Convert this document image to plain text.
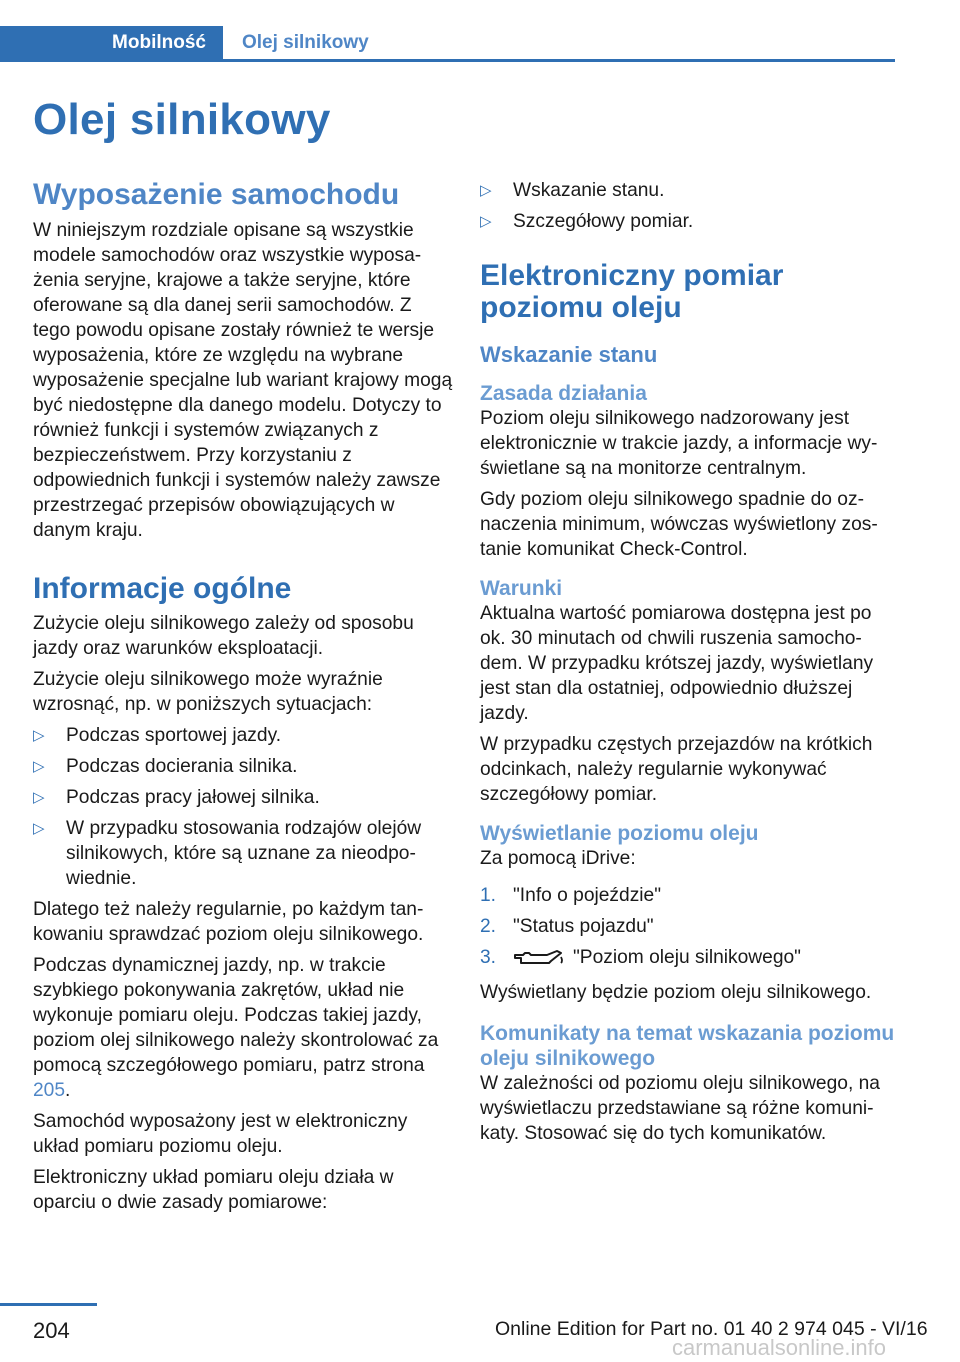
Mobilność Olej silnikowy
Olej silnikowy
Wyposażenie samochodu

W niniejszym rozdziale opisane są wszystkie modele samochodów oraz wszystkie wyposażenia seryjne, krajowe a także seryjne, które oferowane są dla danej serii samochodów. Z tego powodu opisane zostały również te wersje wyposażenia, które ze względu na wybrane wyposażenie specjalne lub wariant krajowy mogą być niedostępne dla danego modelu. Dotyczy to również funkcji i systemów związanych z bezpieczeństwem. Przy korzystaniu z odpowiednich funkcji i systemów należy zawsze przestrzegać przepisów obowiązujących w danym kraju.

Informacje ogólne

Zużycie oleju silnikowego zależy od sposobu jazdy oraz warunków eksploatacji.

Zużycie oleju silnikowego może wyraźnie wzrosnąć, np. w poniższych sytuacjach:

▷ Podczas sportowej jazdy.
▷ Podczas docierania silnika.
▷ Podczas pracy jałowej silnika.
▷ W przypadku stosowania rodzajów olejów silnikowych, które są uznane za nieodpowiednie.

Dlatego też należy regularnie, po każdym tankowaniu sprawdzać poziom oleju silnikowego.

Podczas dynamicznej jazdy, np. w trakcie szybkiego pokonywania zakrętów, układ nie wykonuje pomiaru oleju. Podczas takiej jazdy, poziom olej silnikowego należy skontrolować za pomocą szczegółowego pomiaru, patrz strona 205.

Samochód wyposażony jest w elektroniczny układ pomiaru poziomu oleju.

Elektroniczny układ pomiaru oleju działa w oparciu o dwie zasady pomiarowe:

▷ Wskazanie stanu.
▷ Szczegółowy pomiar.
Elektroniczny pomiar poziomu oleju
Wskazanie stanu
Zasada działania

Poziom oleju silnikowego nadzorowany jest elektronicznie w trakcie jazdy, a informacje wyświetlane są na monitorze centralnym.

Gdy poziom oleju silnikowego spadnie do oznaczenia minimum, wówczas wyświetlony zostanie komunikat Check-Control.

Warunki

Aktualna wartość pomiarowa dostępna jest po ok. 30 minutach od chwili ruszenia samochodem. W przypadku krótszej jazdy, wyświetlany jest stan dla ostatniej, odpowiednio dłuższej jazdy.

W przypadku częstych przejazdów na krótkich odcinkach, należy regularnie wykonywać szczegółowy pomiar.

Wyświetlanie poziomu oleju

Za pomocą iDrive:

1. "Info o pojeździe"
2. "Status pojazdu"
3.	"Poziom oleju silnikowego"

Wyświetlany będzie poziom oleju silnikowego.

Komunikaty na temat wskazania poziomu oleju silnikowego

W zależności od poziomu oleju silnikowego, na wyświetlaczu przedstawiane są różne komunikaty. Stosować się do tych komunikatów.

204	Online Edition for Part no. 01 40 2 974 045 - VI/16
carmanualsonline.info
